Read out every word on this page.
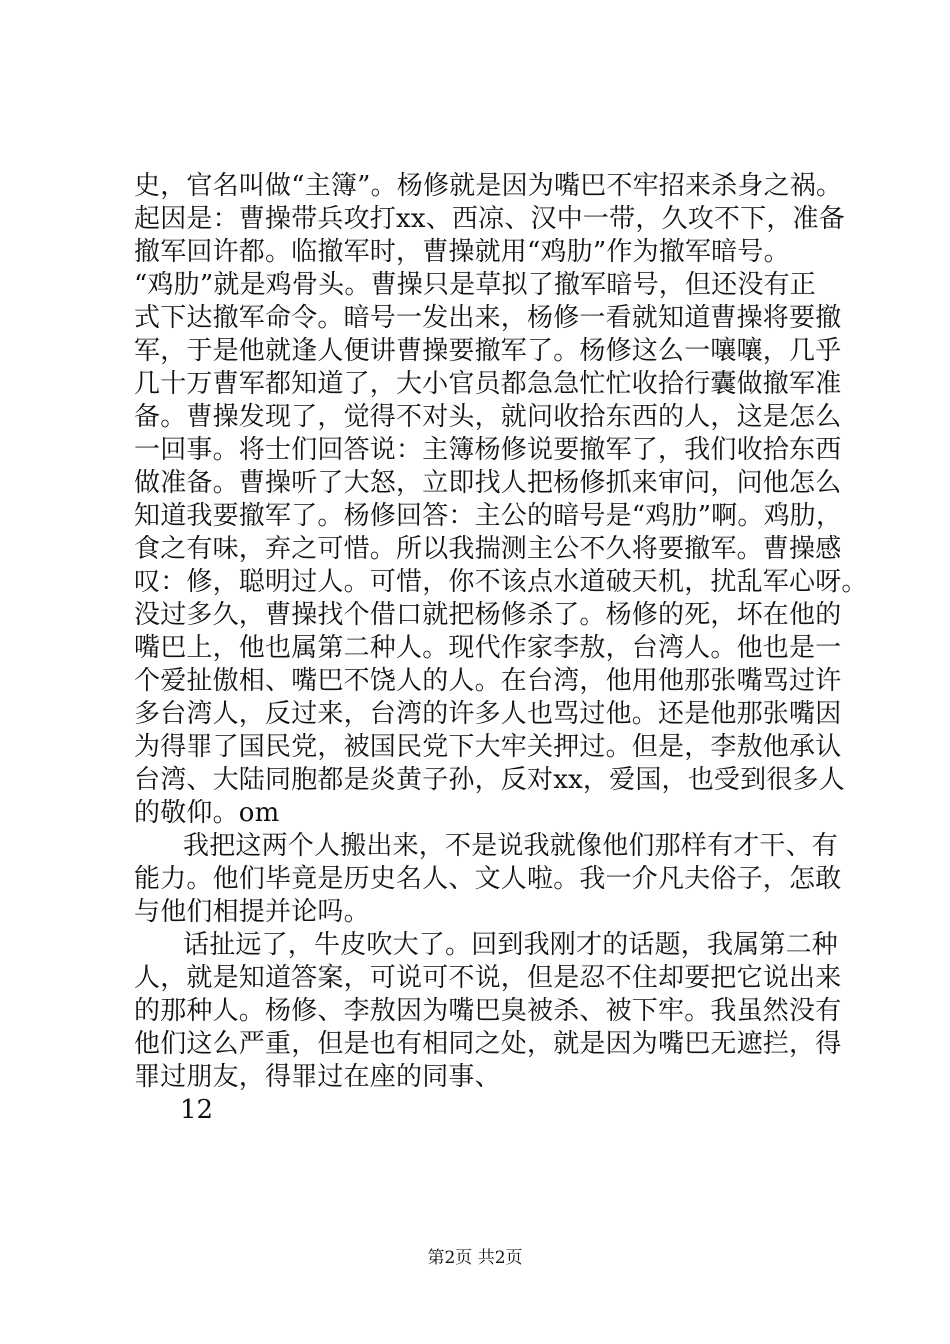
史，官名叫做“主簿”。杨修就是因为嘴巴不牢招来杀身之祸。
起因是：曹操带兵攻打xx、西凉、汉中一带，久攻不下，准备
撤军回许都。临撤军时，曹操就用“鸡肋”作为撤军暗号。
“鸡肋”就是鸡骨头。曹操只是草拟了撤军暗号，但还没有正
式下达撤军命令。暗号一发出来，杨修一看就知道曹操将要撤
军，于是他就逢人便讲曹操要撤军了。杨修这么一嚷嚷，几乎
几十万曹军都知道了，大小官员都急急忙忙收拾行囊做撤军准
备。曹操发现了，觉得不对头，就问收拾东西的人，这是怎么
一回事。将士们回答说：主簿杨修说要撤军了，我们收拾东西
做准备。曹操听了大怒，立即找人把杨修抓来审问，问他怎么
知道我要撤军了。杨修回答：主公的暗号是“鸡肋”啊。鸡肋，
食之有味，弃之可惜。所以我揣测主公不久将要撤军。曹操感
叹：修，聪明过人。可惜，你不该点水道破天机，扰乱军心呀。
没过多久，曹操找个借口就把杨修杀了。杨修的死，坏在他的
嘴巴上，他也属第二种人。现代作家李敖，台湾人。他也是一
个爱扯傲相、嘴巴不饶人的人。在台湾，他用他那张嘴骂过许
多台湾人，反过来，台湾的许多人也骂过他。还是他那张嘴因
为得罪了国民党，被国民党下大牢关押过。但是，李敖他承认
台湾、大陆同胞都是炎黄子孙，反对xx，爱国，也受到很多人
的敬仰。om
我把这两个人搬出来，不是说我就像他们那样有才干、有
能力。他们毕竟是历史名人、文人啦。我一介凡夫俗子，怎敢
与他们相提并论吗。
话扯远了，牛皮吹大了。回到我刚才的话题，我属第二种
人，就是知道答案，可说可不说，但是忍不住却要把它说出来
的那种人。杨修、李敖因为嘴巴臭被杀、被下牢。我虽然没有
他们这么严重，但是也有相同之处，就是因为嘴巴无遮拦，得
罪过朋友，得罪过在座的同事、
12
第2页 共2页
